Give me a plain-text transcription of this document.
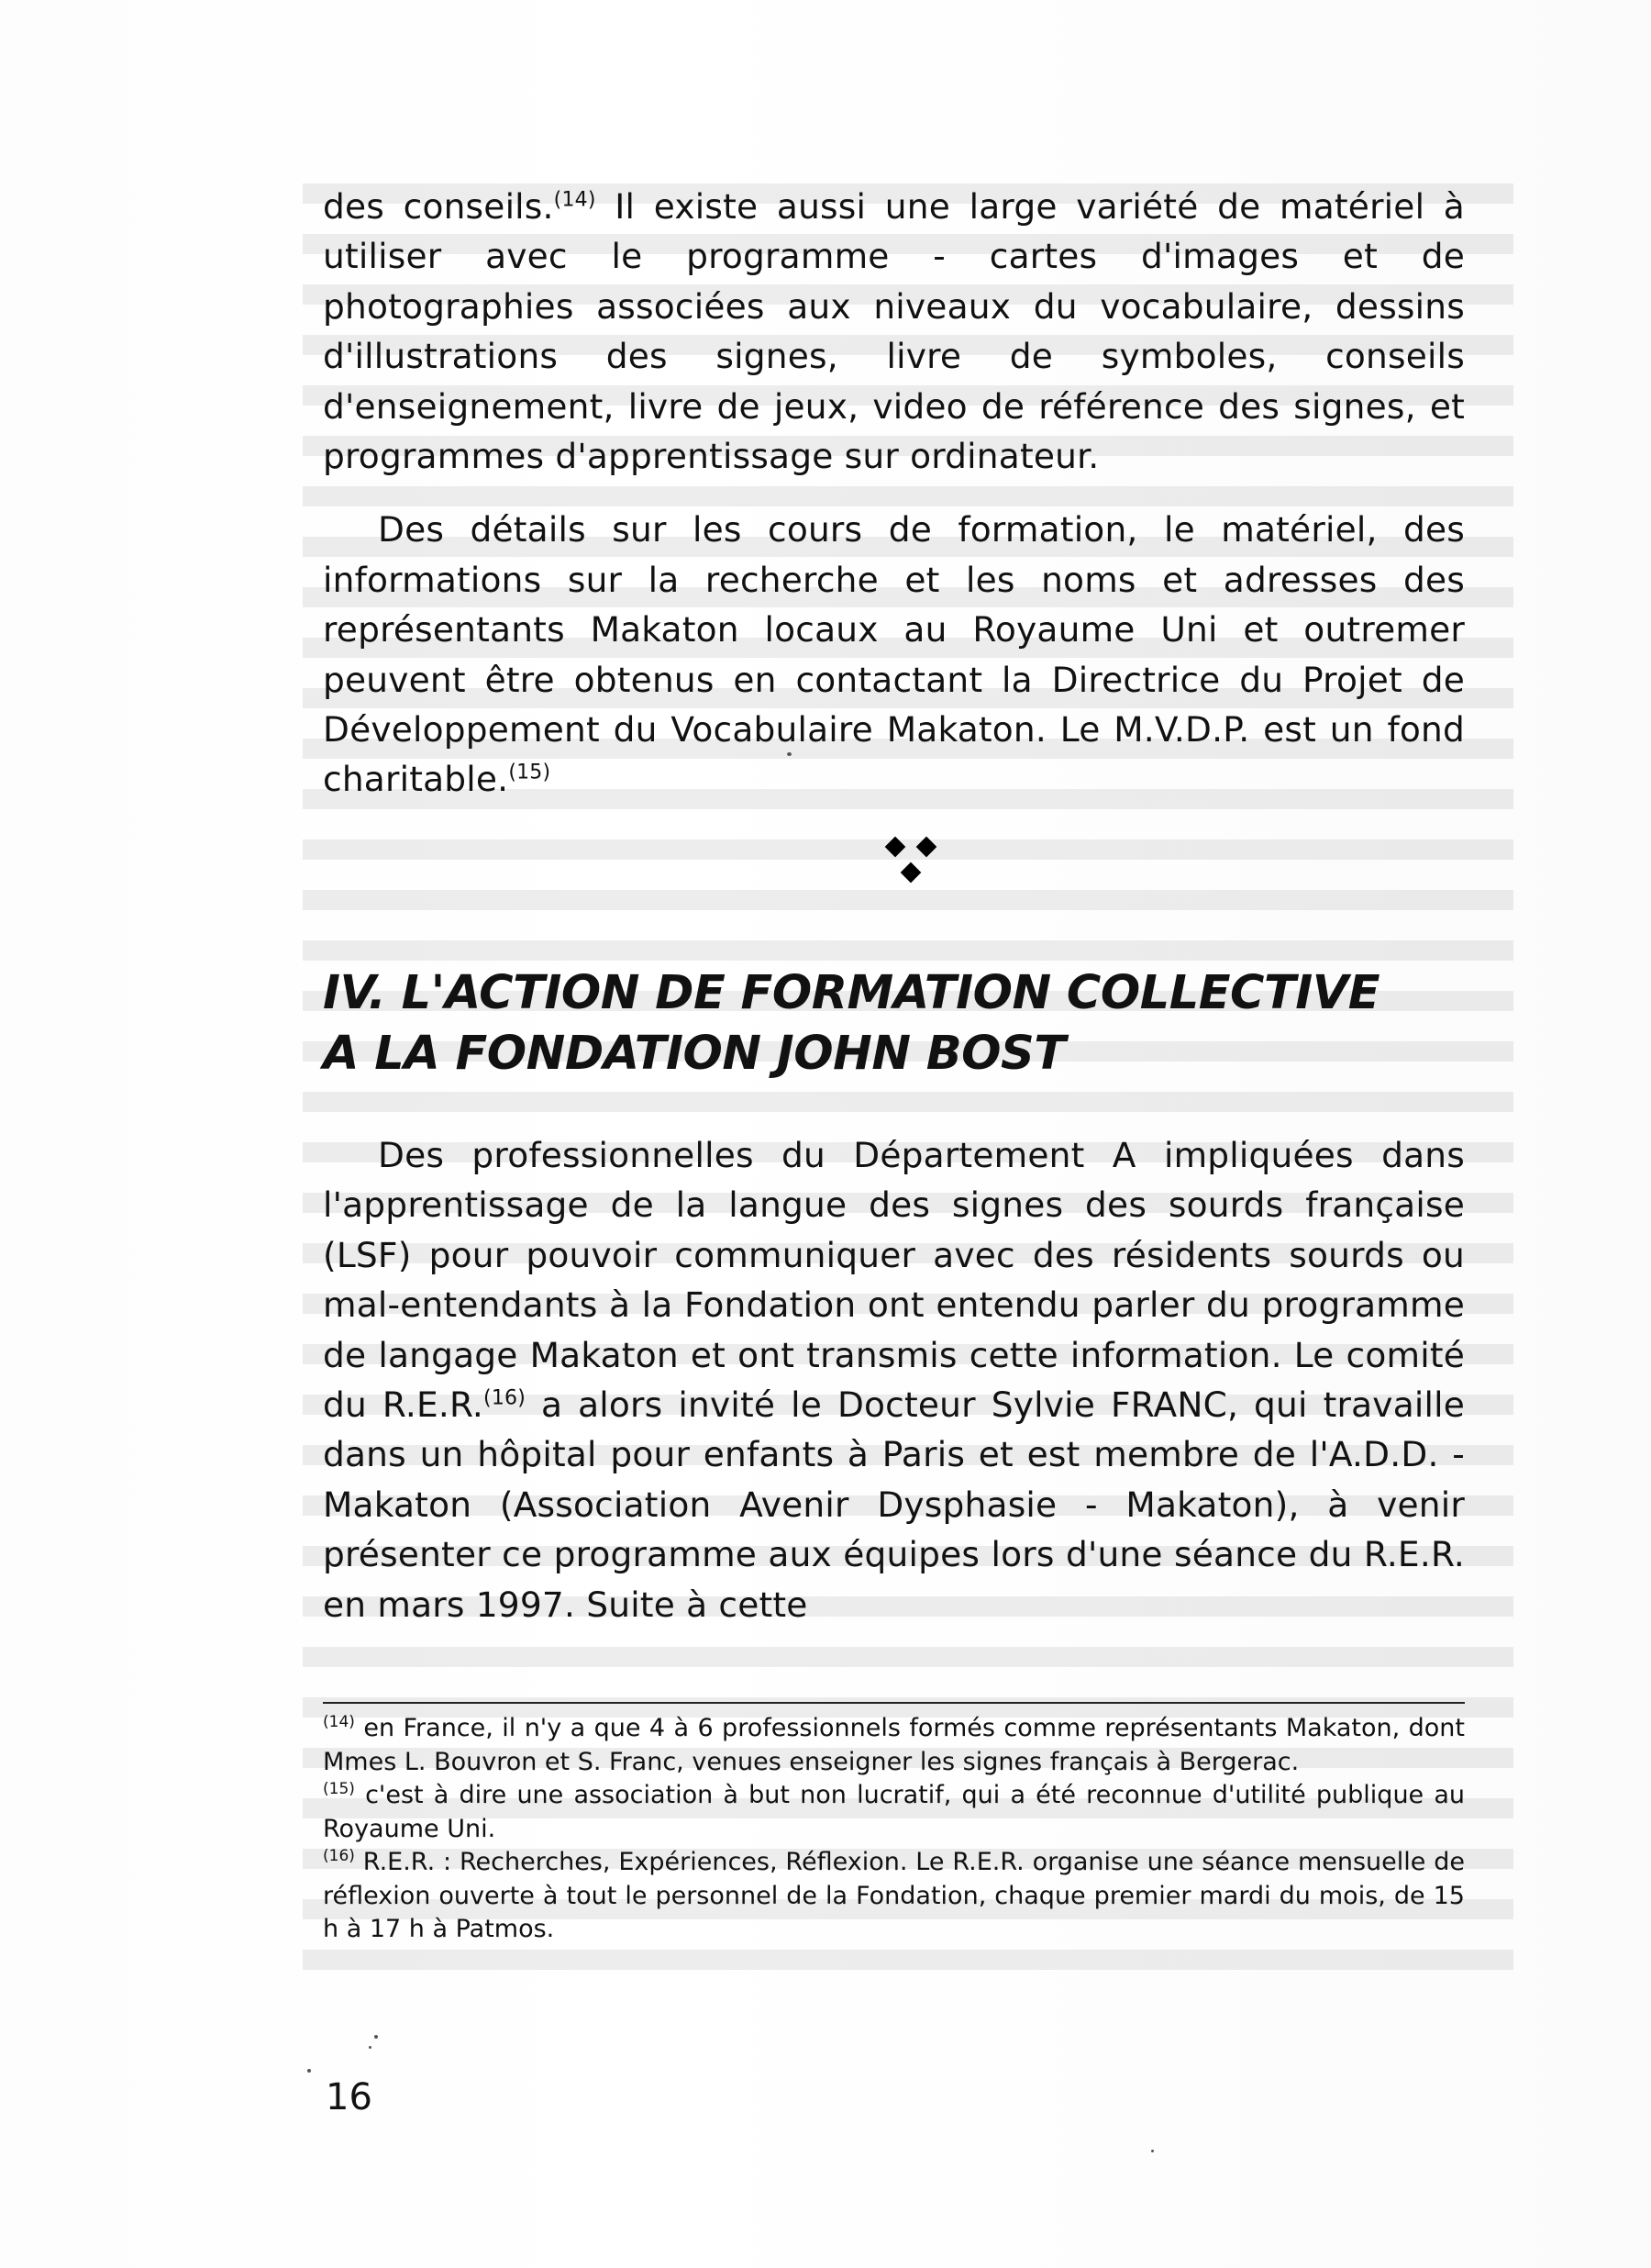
des conseils.$^{(14)}$ Il existe aussi une large variété de matériel à utiliser avec le programme - cartes d'images et de photographies associées aux niveaux du vocabulaire, dessins d'illustrations des signes, livre de symboles, conseils d'enseignement, livre de jeux, video de référence des signes, et programmes d'apprentissage sur ordinateur.

Des détails sur les cours de formation, le matériel, des informations sur la recherche et les noms et adresses des représentants Makaton locaux au Royaume Uni et outremer peuvent être obtenus en contactant la Directrice du Projet de Développement du Vocabulaire Makaton. Le M.V.D.P. est un fond charitable.$^{(15)}$

IV. L'ACTION DE FORMATION COLLECTIVE
A LA FONDATION JOHN BOST

Des professionnelles du Département A impliquées dans l'apprentissage de la langue des signes des sourds française (LSF) pour pouvoir communiquer avec des résidents sourds ou mal-entendants à la Fondation ont entendu parler du programme de langage Makaton et ont transmis cette information. Le comité du R.E.R.$^{(16)}$ a alors invité le Docteur Sylvie FRANC, qui travaille dans un hôpital pour enfants à Paris et est membre de l'A.D.D. - Makaton (Association Avenir Dysphasie - Makaton), à venir présenter ce programme aux équipes lors d'une séance du R.E.R. en mars 1997. Suite à cette

$^{(14)}$ en France, il n'y a que 4 à 6 professionnels formés comme représentants Makaton, dont Mmes L. Bouvron et S. Franc, venues enseigner les signes français à Bergerac.

$^{(15)}$ c'est à dire une association à but non lucratif, qui a été reconnue d'utilité publique au Royaume Uni.

$^{(16)}$ R.E.R. : Recherches, Expériences, Réflexion. Le R.E.R. organise une séance mensuelle de réflexion ouverte à tout le personnel de la Fondation, chaque premier mardi du mois, de 15 h à 17 h à Patmos.

16
